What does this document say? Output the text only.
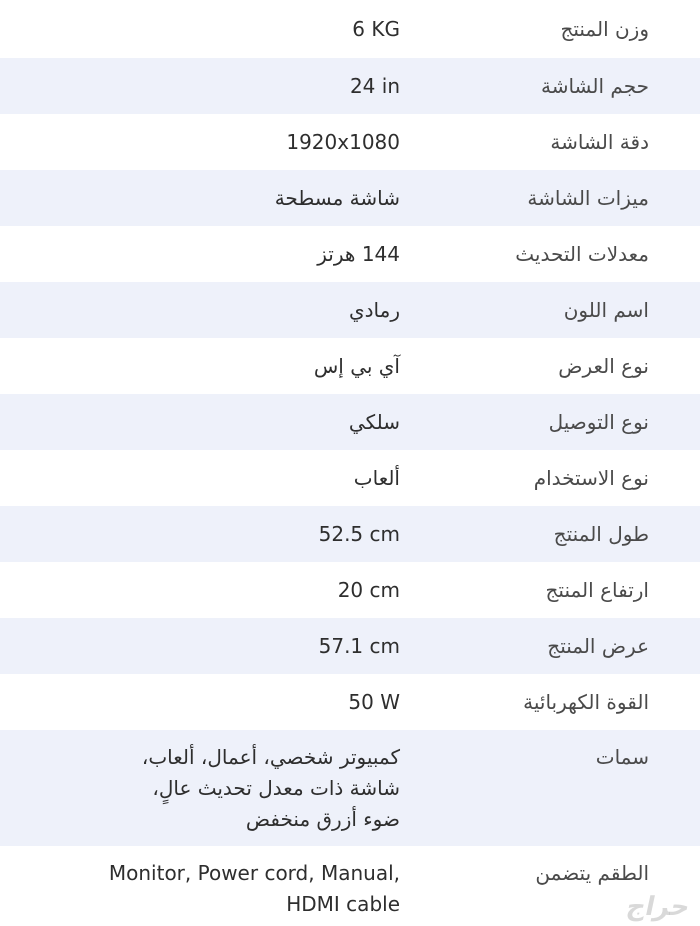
وزن المنتج
6 KG
حجم الشاشة
24 in
دقة الشاشة
1920x1080
ميزات الشاشة
شاشة مسطحة
معدلات التحديث
144 هرتز
اسم اللون
رمادي
نوع العرض
آي بي إس
نوع التوصيل
سلكي
نوع الاستخدام
ألعاب
طول المنتج
52.5 cm
ارتفاع المنتج
20 cm
عرض المنتج
57.1 cm
القوة الكهربائية
50 W
سمات
كمبيوتر شخصي، أعمال، ألعاب،
شاشة ذات معدل تحديث عالٍ،
ضوء أزرق منخفض
الطقم يتضمن
Monitor, Power cord, Manual,
HDMI cable	حراج
